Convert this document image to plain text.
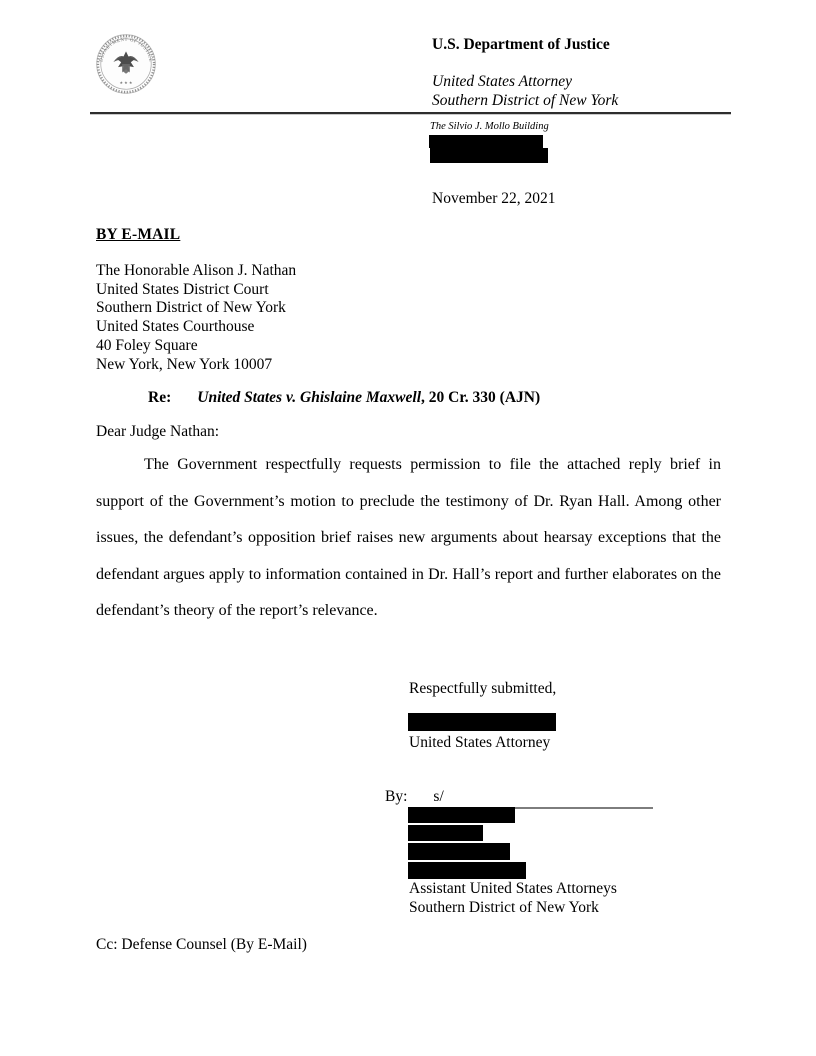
DEPARTMENT OF JUSTICE
★ ★ ★
U.S. Department of Justice
United States Attorney
Southern District of New York
The Silvio J. Mollo Building
November 22, 2021
BY E-MAIL
The Honorable Alison J. Nathan
United States District Court
Southern District of New York
United States Courthouse
40 Foley Square
New York, New York 10007
Re: United States v. Ghislaine Maxwell, 20 Cr. 330 (AJN)
Dear Judge Nathan:
The Government respectfully requests permission to file the attached reply brief in support of the Government’s motion to preclude the testimony of Dr. Ryan Hall. Among other issues, the defendant’s opposition brief raises new arguments about hearsay exceptions that the defendant argues apply to information contained in Dr. Hall’s report and further elaborates on the defendant’s theory of the report’s relevance.
Respectfully submitted,
United States Attorney
By: s/
Assistant United States Attorneys
Southern District of New York
Cc: Defense Counsel (By E-Mail)
